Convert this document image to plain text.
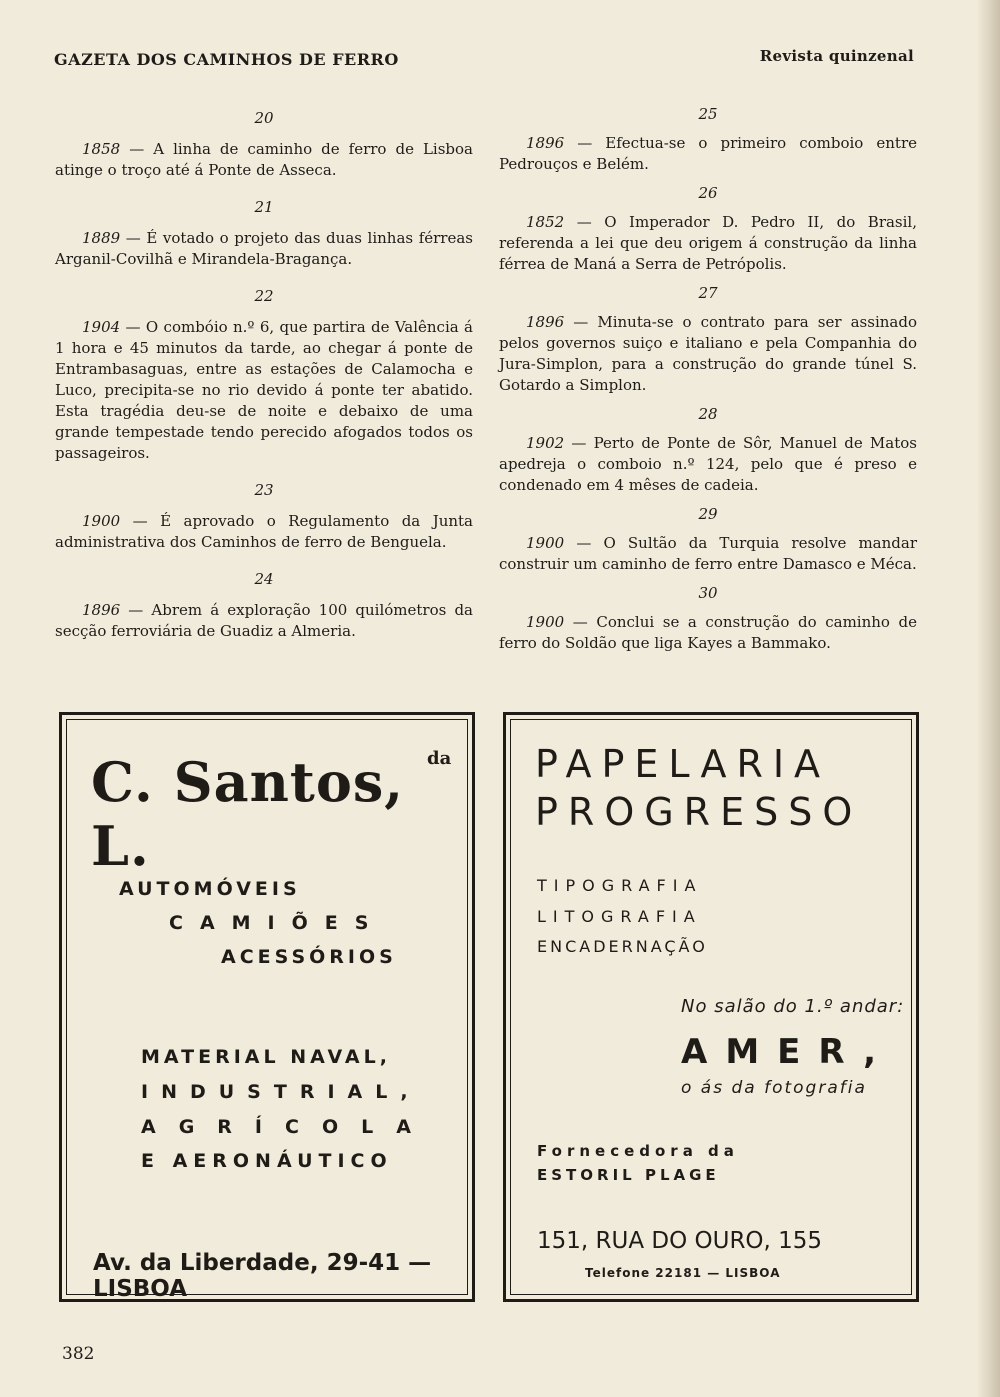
GAZETA DOS CAMINHOS DE FERRO	Revista quinzenal
20

1858 — A linha de caminho de ferro de Lisboa atinge o troço até á Ponte de Asseca.

21

1889 — É votado o projeto das duas linhas férreas Arganil-Covilhã e Mirandela-Bragança.

22

1904 — O combóio n.º 6, que partira de Valência á 1 hora e 45 minutos da tarde, ao chegar á ponte de Entrambasaguas, entre as estações de Calamocha e Luco, precipita-se no rio devido á ponte ter abatido. Esta tragédia deu-se de noite e debaixo de uma grande tempestade tendo perecido afogados todos os passageiros.

23

1900 — É aprovado o Regulamento da Junta administrativa dos Caminhos de ferro de Benguela.

24

1896 — Abrem á exploração 100 quilómetros da secção ferroviária de Guadiz a Almeria.

25

1896 — Efectua-se o primeiro comboio entre Pedrouços e Belém.

26

1852 — O Imperador D. Pedro II, do Brasil, referenda a lei que deu origem á construção da linha férrea de Maná a Serra de Petrópolis.

27

1896 — Minuta-se o contrato para ser assinado pelos governos suiço e italiano e pela Companhia do Jura-Simplon, para a construção do grande túnel S. Gotardo a Simplon.

28

1902 — Perto de Ponte de Sôr, Manuel de Matos apedreja o comboio n.º 124, pelo que é preso e condenado em 4 mêses de cadeia.

29

1900 — O Sultão da Turquia resolve mandar construir um caminho de ferro entre Damasco e Méca.

30

1900 — Conclui se a construção do caminho de ferro do Soldão que liga Kayes a Bammako.

C. Santos, L.
da
AUTOMÓVEIS
CAMIÕES
ACESSÓRIOS
MATERIAL NAVAL,
INDUSTRIAL,
AGRÍCOLA
E AERONÁUTICO
Av. da Liberdade, 29-41 — LISBOA
PAPELARIA
PROGRESSO
TIPOGRAFIA
LITOGRAFIA
ENCADERNAÇÃO
No salão do 1.º andar:
AMER,
o ás da fotografia
Fornecedora da
ESTORIL PLAGE
151, RUA DO OURO, 155
Telefone 22181 — LISBOA
382
